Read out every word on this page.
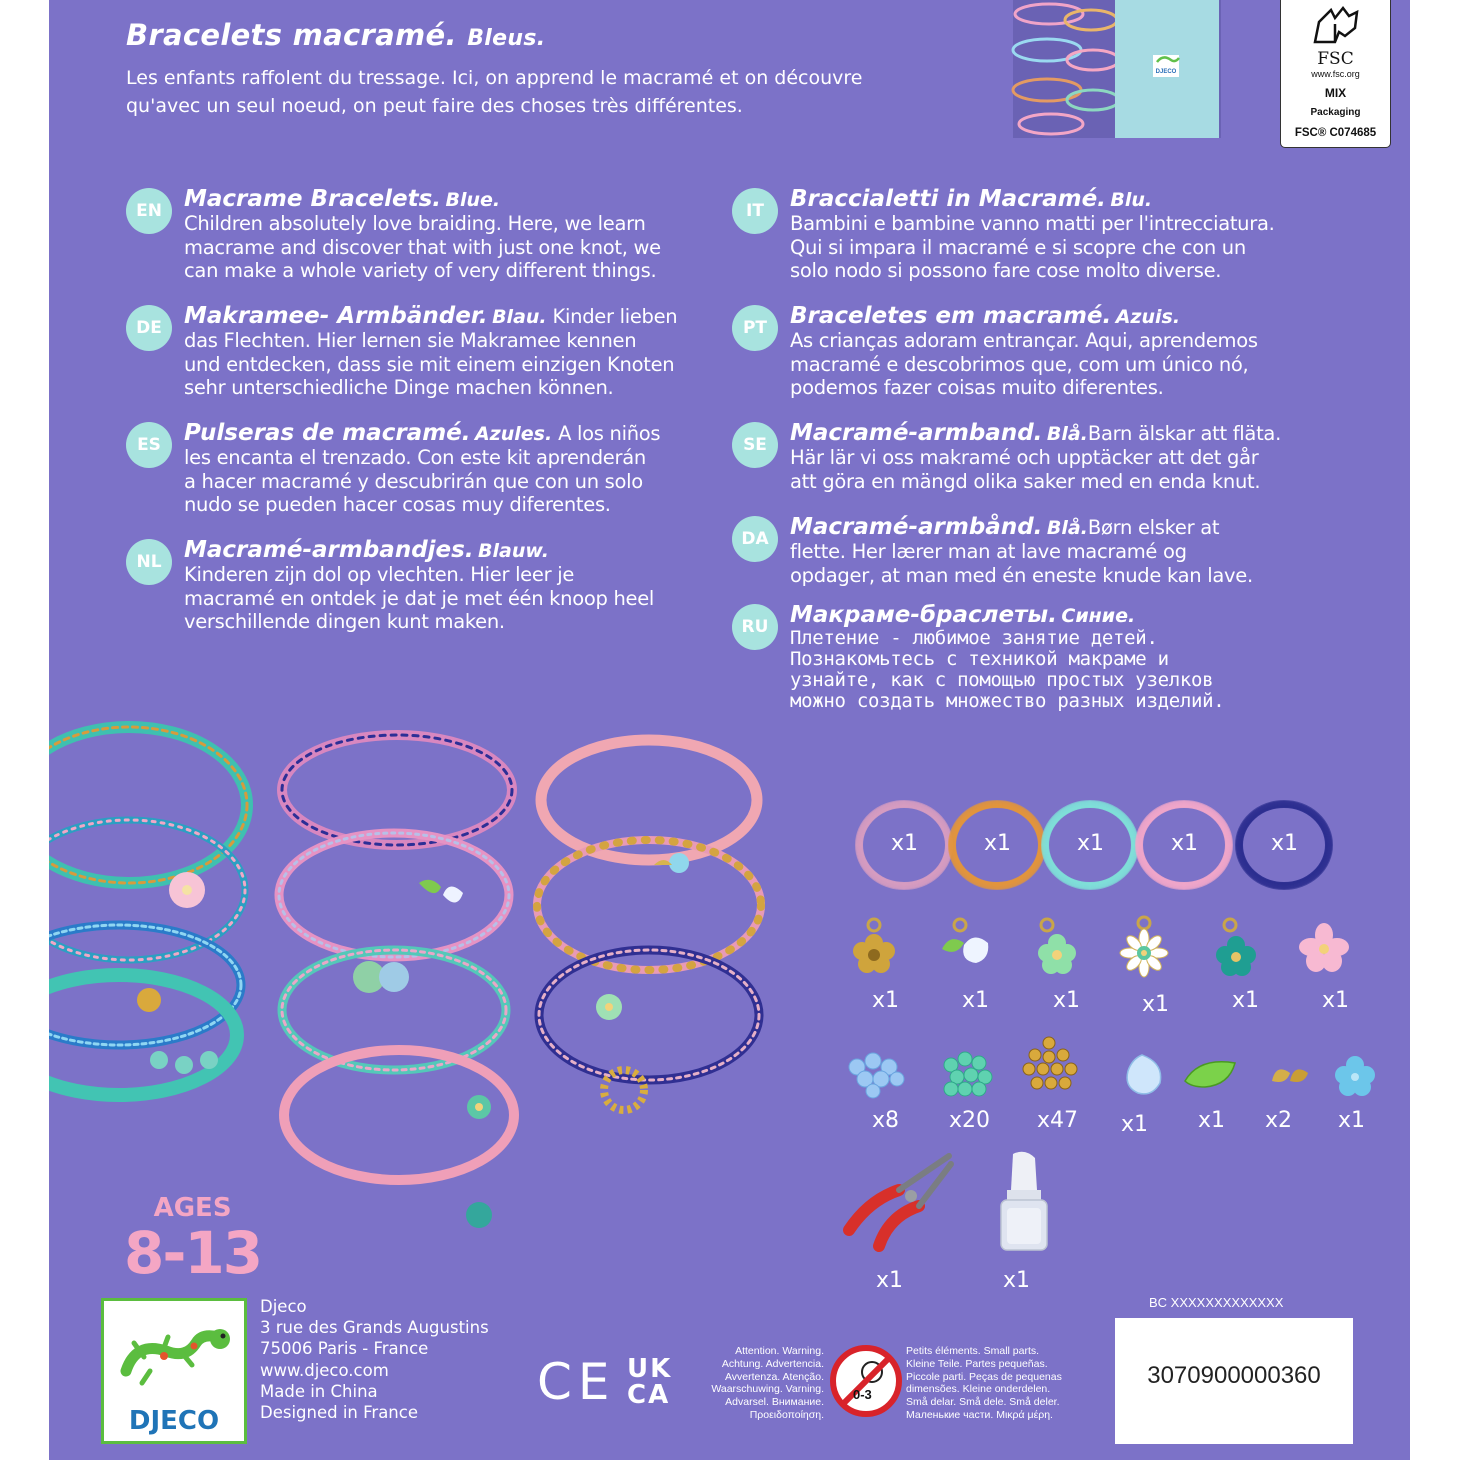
Bracelets macramé. Bleus.
Les enfants raffolent du tressage. Ici, on apprend le macramé et on découvre
qu'avec un seul noeud, on peut faire des choses très différentes.
DJECO
FSC
www.fsc.org
MIX
Packaging
FSC® C074685
EN Macrame Bracelets. Blue.
Children absolutely love braiding. Here, we learn
macrame and discover that with just one knot, we
can make a whole variety of very different things.
DE Makramee- Armbänder. Blau. Kinder lieben
das Flechten. Hier lernen sie Makramee kennen
und entdecken, dass sie mit einem einzigen Knoten
sehr unterschiedliche Dinge machen können.
ES	Pulseras de macramé. Azules. A los niños
les encanta el trenzado. Con este kit aprenderán
a hacer macramé y descubrirán que con un solo
nudo se pueden hacer cosas muy diferentes.
NL Macramé-armbandjes. Blauw.
Kinderen zijn dol op vlechten. Hier leer je
macramé en ontdek je dat je met één knoop heel
verschillende dingen kunt maken.
IT	Braccialetti in Macramé. Blu.
Bambini e bambine vanno matti per l'intrecciatura.
Qui si impara il macramé e si scopre che con un
solo nodo si possono fare cose molto diverse.
PT Braceletes em macramé. Azuis.
As crianças adoram entrançar. Aqui, aprendemos
macramé e descobrimos que, com um único nó,
podemos fazer coisas muito diferentes.
SE	Macramé-armband. Blå.Barn älskar att fläta.
Här lär vi oss makramé och upptäcker att det går
att göra en mängd olika saker med en enda knut.
DA Macramé-armbånd. Blå.Børn elsker at
flette. Her lærer man at lave macramé og
opdager, at man med én eneste knude kan lave.
RU Макраме-браслеты. Синие.
Плетение - любимое занятие детей.
Познакомьтесь с техникой макраме и
узнайте, как с помощью простых узелков
можно создать множество разных изделий.
x1	x1	x1	x1	x1
x1	x1	x1	x1	x1	x1
x8 x20 x47 x1 x1 x2 x1
x1	x1
AGES
8-13
DJECO
Djeco
3 rue des Grands Augustins
75006 Paris - France
www.djeco.com
Made in China
Designed in France
CE UK
CA
Attention. Warning.
Achtung. Advertencia.
Avvertenza. Atenção.
Waarschuwing. Varning.
Advarsel. Внимание.
Προειδοποίηση.
0-3
Petits éléments. Small parts.
Kleine Teile. Partes pequeñas.
Piccole parti. Peças de pequenas
dimensões. Kleine onderdelen.
Små delar. Små dele. Små deler.
Маленькие части. Μικρά μέρη.
BC XXXXXXXXXXXXX
3070900000360
